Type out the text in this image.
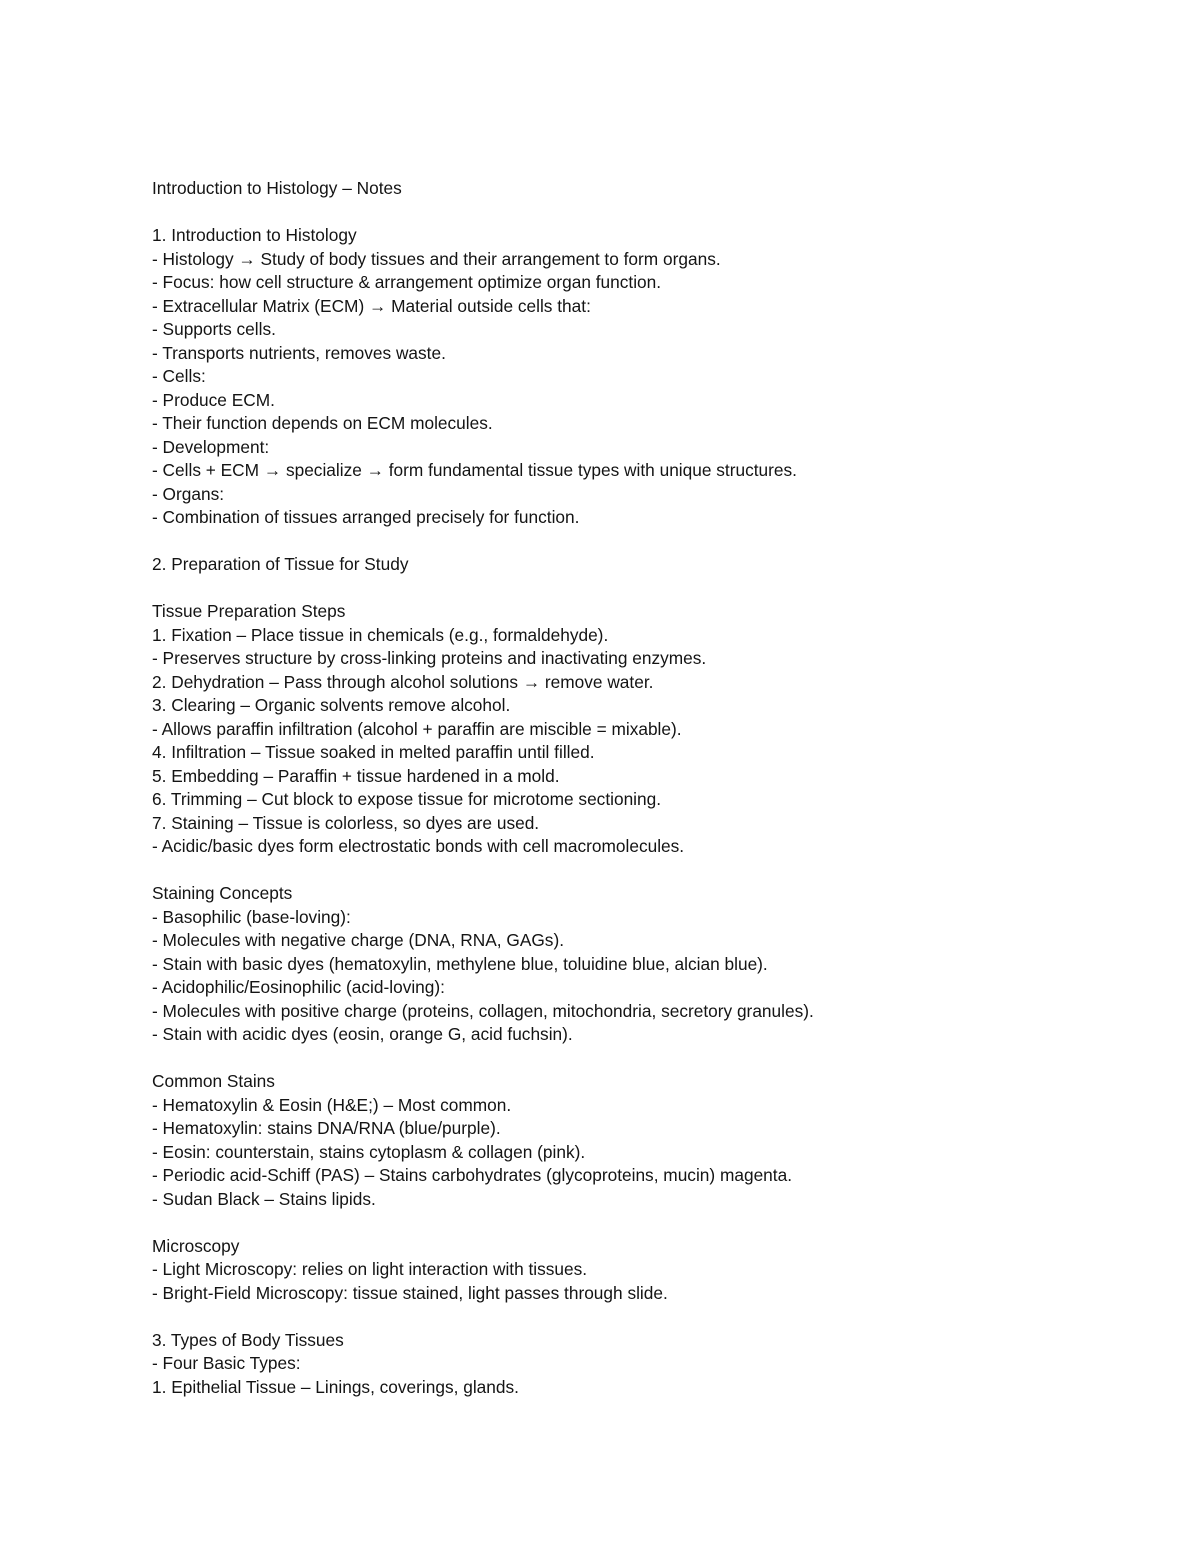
Introduction to Histology – Notes
1. Introduction to Histology
- Histology → Study of body tissues and their arrangement to form organs.
- Focus: how cell structure & arrangement optimize organ function.
- Extracellular Matrix (ECM) → Material outside cells that:
- Supports cells.
- Transports nutrients, removes waste.
- Cells:
- Produce ECM.
- Their function depends on ECM molecules.
- Development:
- Cells + ECM → specialize → form fundamental tissue types with unique structures.
- Organs:
- Combination of tissues arranged precisely for function.
2. Preparation of Tissue for Study
Tissue Preparation Steps
1. Fixation – Place tissue in chemicals (e.g., formaldehyde).
- Preserves structure by cross-linking proteins and inactivating enzymes.
2. Dehydration – Pass through alcohol solutions → remove water.
3. Clearing – Organic solvents remove alcohol.
- Allows paraffin infiltration (alcohol + paraffin are miscible = mixable).
4. Infiltration – Tissue soaked in melted paraffin until filled.
5. Embedding – Paraffin + tissue hardened in a mold.
6. Trimming – Cut block to expose tissue for microtome sectioning.
7. Staining – Tissue is colorless, so dyes are used.
- Acidic/basic dyes form electrostatic bonds with cell macromolecules.
Staining Concepts
- Basophilic (base-loving):
- Molecules with negative charge (DNA, RNA, GAGs).
- Stain with basic dyes (hematoxylin, methylene blue, toluidine blue, alcian blue).
- Acidophilic/Eosinophilic (acid-loving):
- Molecules with positive charge (proteins, collagen, mitochondria, secretory granules).
- Stain with acidic dyes (eosin, orange G, acid fuchsin).
Common Stains
- Hematoxylin & Eosin (H&E;) – Most common.
- Hematoxylin: stains DNA/RNA (blue/purple).
- Eosin: counterstain, stains cytoplasm & collagen (pink).
- Periodic acid-Schiff (PAS) – Stains carbohydrates (glycoproteins, mucin) magenta.
- Sudan Black – Stains lipids.
Microscopy
- Light Microscopy: relies on light interaction with tissues.
- Bright-Field Microscopy: tissue stained, light passes through slide.
3. Types of Body Tissues
- Four Basic Types:
1. Epithelial Tissue – Linings, coverings, glands.
